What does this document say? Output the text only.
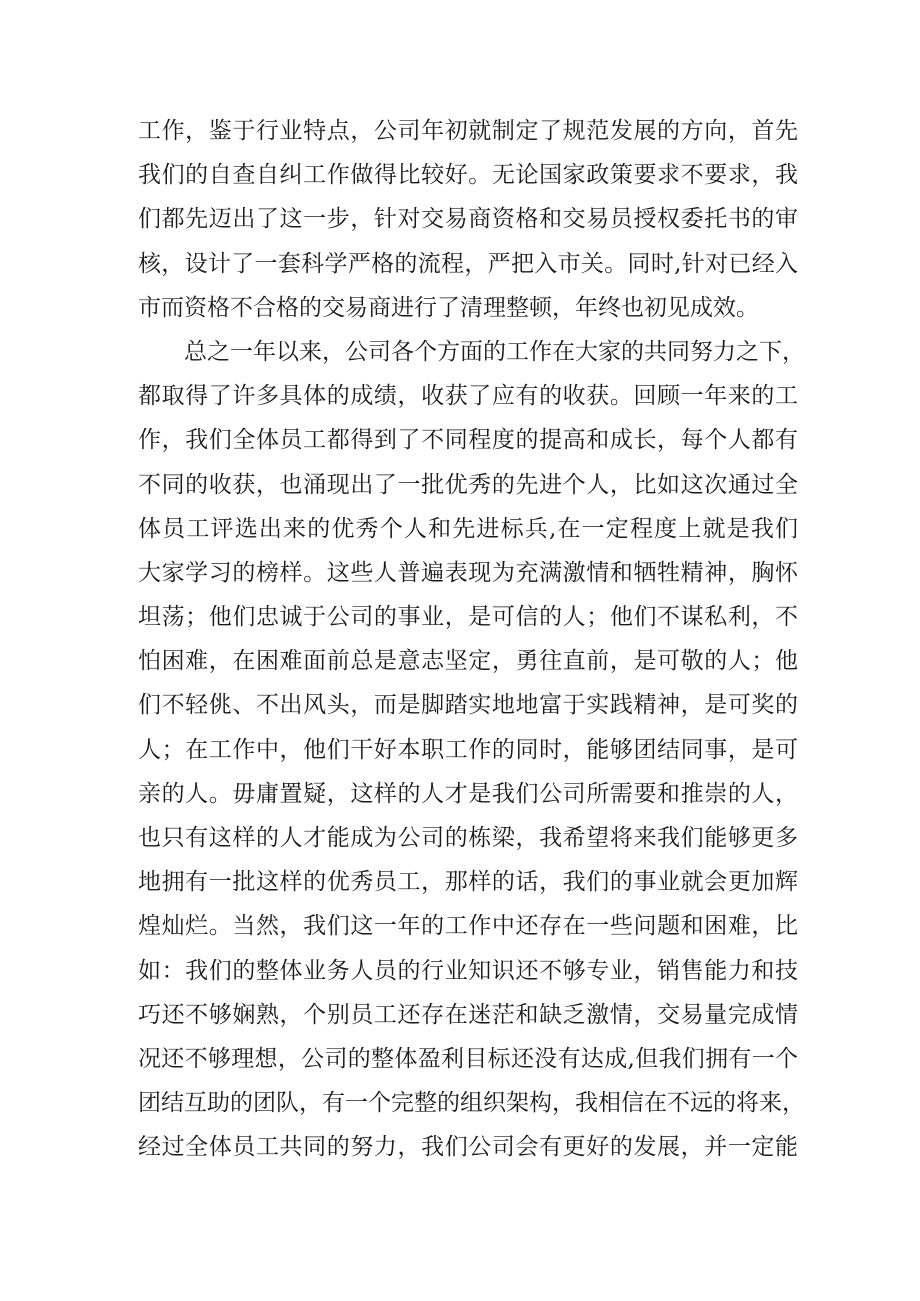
工作，鉴于行业特点，公司年初就制定了规范发展的方向，首先
我们的自查自纠工作做得比较好。无论国家政策要求不要求，我
们都先迈出了这一步，针对交易商资格和交易员授权委托书的审
核，设计了一套科学严格的流程，严把入市关。同时,针对已经入
市而资格不合格的交易商进行了清理整顿，年终也初见成效。
总之一年以来，公司各个方面的工作在大家的共同努力之下，
都取得了许多具体的成绩，收获了应有的收获。回顾一年来的工
作，我们全体员工都得到了不同程度的提高和成长，每个人都有
不同的收获，也涌现出了一批优秀的先进个人，比如这次通过全
体员工评选出来的优秀个人和先进标兵,在一定程度上就是我们
大家学习的榜样。这些人普遍表现为充满激情和牺牲精神，胸怀
坦荡；他们忠诚于公司的事业，是可信的人；他们不谋私利，不
怕困难，在困难面前总是意志坚定，勇往直前，是可敬的人；他
们不轻佻、不出风头，而是脚踏实地地富于实践精神，是可奖的
人；在工作中，他们干好本职工作的同时，能够团结同事，是可
亲的人。毋庸置疑，这样的人才是我们公司所需要和推崇的人，
也只有这样的人才能成为公司的栋梁，我希望将来我们能够更多
地拥有一批这样的优秀员工，那样的话，我们的事业就会更加辉
煌灿烂。当然，我们这一年的工作中还存在一些问题和困难，比
如：我们的整体业务人员的行业知识还不够专业，销售能力和技
巧还不够娴熟，个别员工还存在迷茫和缺乏激情，交易量完成情
况还不够理想，公司的整体盈利目标还没有达成,但我们拥有一个
团结互助的团队，有一个完整的组织架构，我相信在不远的将来，
经过全体员工共同的努力，我们公司会有更好的发展，并一定能
